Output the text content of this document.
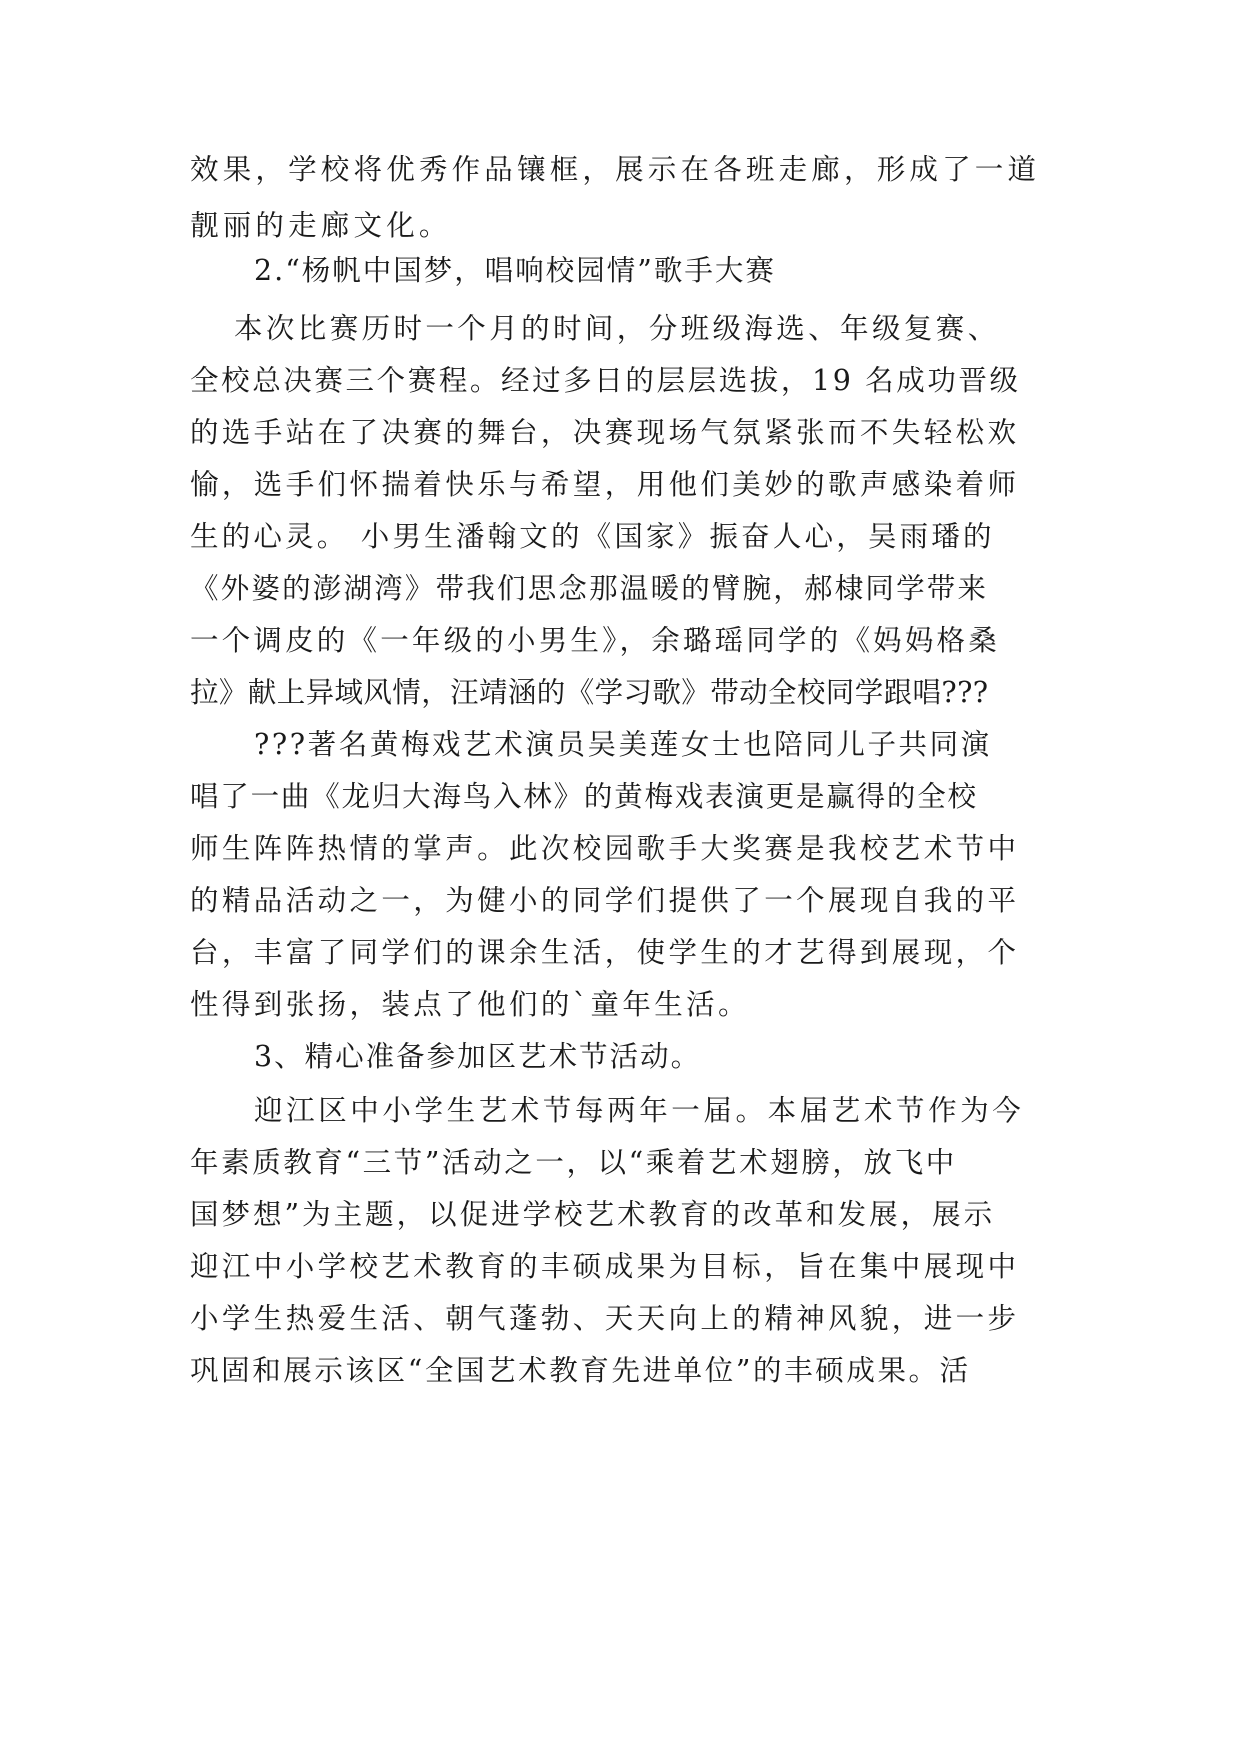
效果，学校将优秀作品镶框，展示在各班走廊，形成了一道
靓丽的走廊文化。
2.“杨帆中国梦，唱响校园情”歌手大赛
本次比赛历时一个月的时间，分班级海选、年级复赛、
全校总决赛三个赛程。经过多日的层层选拔，19 名成功晋级
的选手站在了决赛的舞台，决赛现场气氛紧张而不失轻松欢
愉，选手们怀揣着快乐与希望，用他们美妙的歌声感染着师
生的心灵。 小男生潘翰文的《国家》振奋人心，吴雨璠的
《外婆的澎湖湾》带我们思念那温暖的臂腕，郝棣同学带来
一个调皮的《一年级的小男生》，余璐瑶同学的《妈妈格桑
拉》献上异域风情，汪靖涵的《学习歌》带动全校同学跟唱???
???著名黄梅戏艺术演员吴美莲女士也陪同儿子共同演
唱了一曲《龙归大海鸟入林》的黄梅戏表演更是赢得的全校
师生阵阵热情的掌声。此次校园歌手大奖赛是我校艺术节中
的精品活动之一，为健小的同学们提供了一个展现自我的平
台，丰富了同学们的课余生活，使学生的才艺得到展现，个
性得到张扬，装点了他们的`童年生活。
3、精心准备参加区艺术节活动。
迎江区中小学生艺术节每两年一届。本届艺术节作为今
年素质教育“三节”活动之一，以“乘着艺术翅膀，放飞中
国梦想”为主题，以促进学校艺术教育的改革和发展，展示
迎江中小学校艺术教育的丰硕成果为目标，旨在集中展现中
小学生热爱生活、朝气蓬勃、天天向上的精神风貌，进一步
巩固和展示该区“全国艺术教育先进单位”的丰硕成果。活
